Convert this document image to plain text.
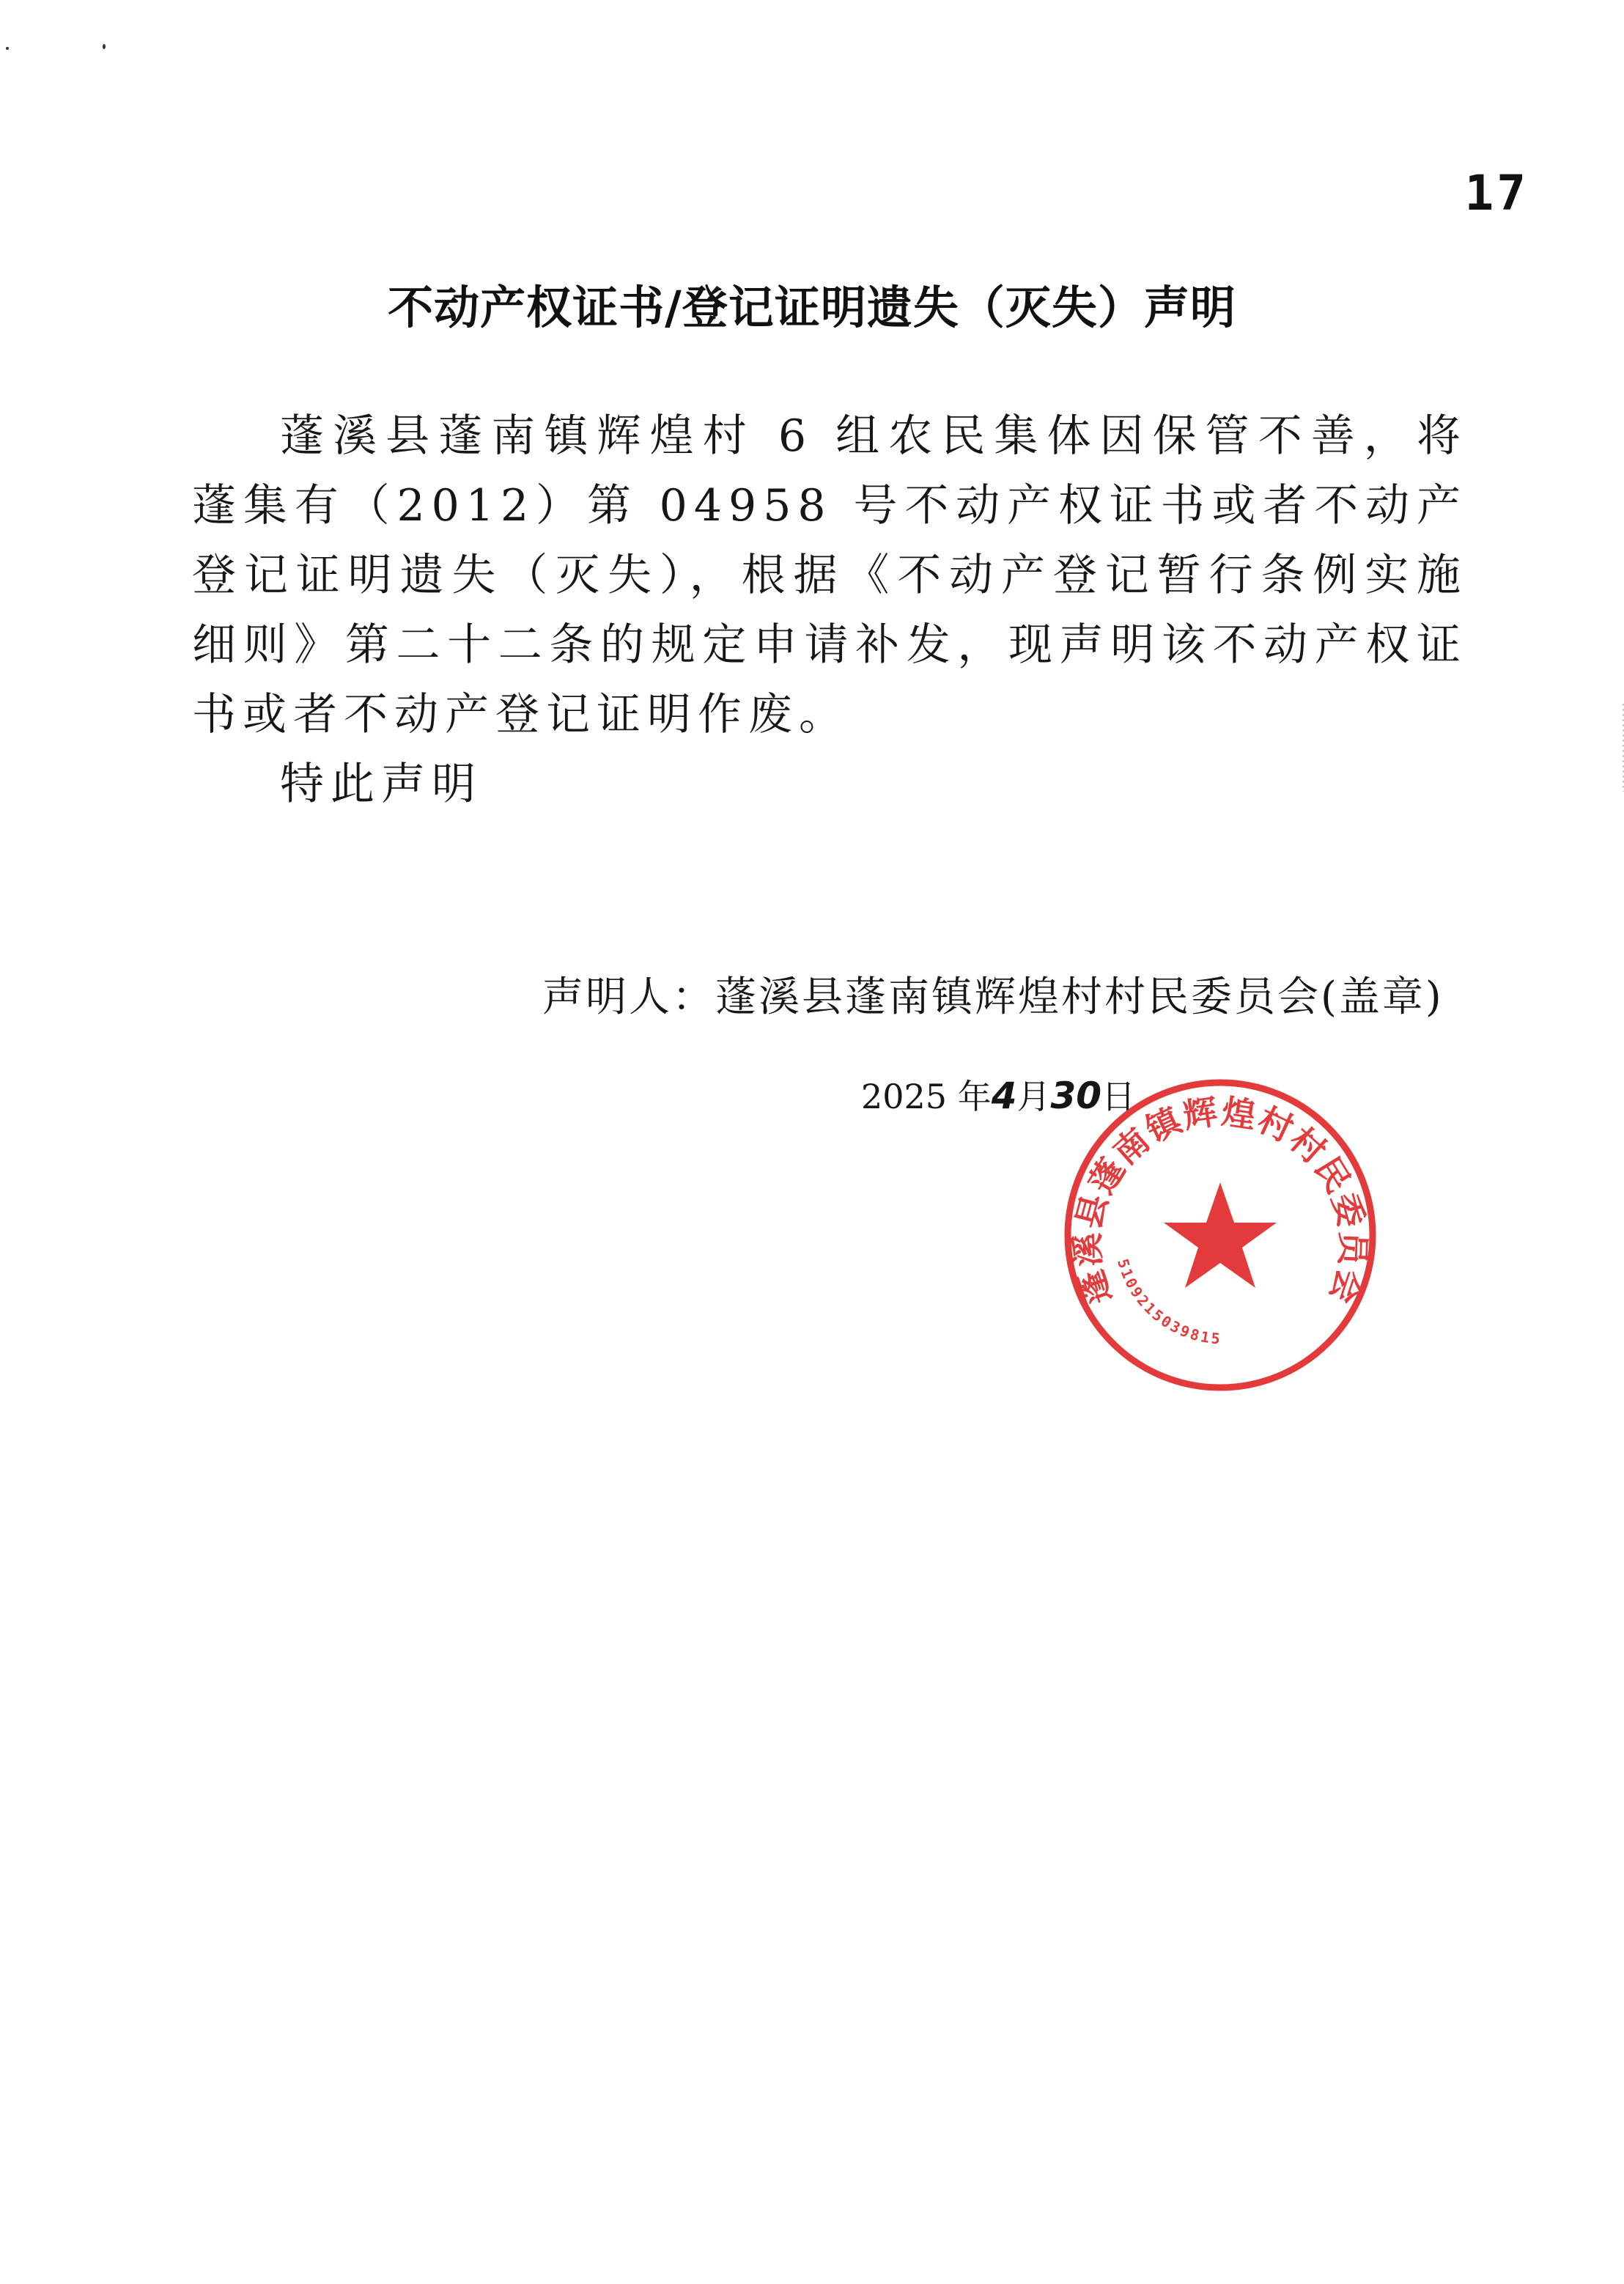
17
不动产权证书/登记证明遗失（灭失）声明

蓬溪县蓬南镇辉煌村 6 组农民集体因保管不善，将蓬集有（2012）第 04958 号不动产权证书或者不动产登记证明遗失（灭失），根据《不动产登记暂行条例实施细则》第二十二条的规定申请补发，现声明该不动产权证书或者不动产登记证明作废。

特此声明

声明人：蓬溪县蓬南镇辉煌村村民委员会(盖章)
2025 年4月30日
蓬溪县蓬南镇辉煌村村民委员会
5109215039815
